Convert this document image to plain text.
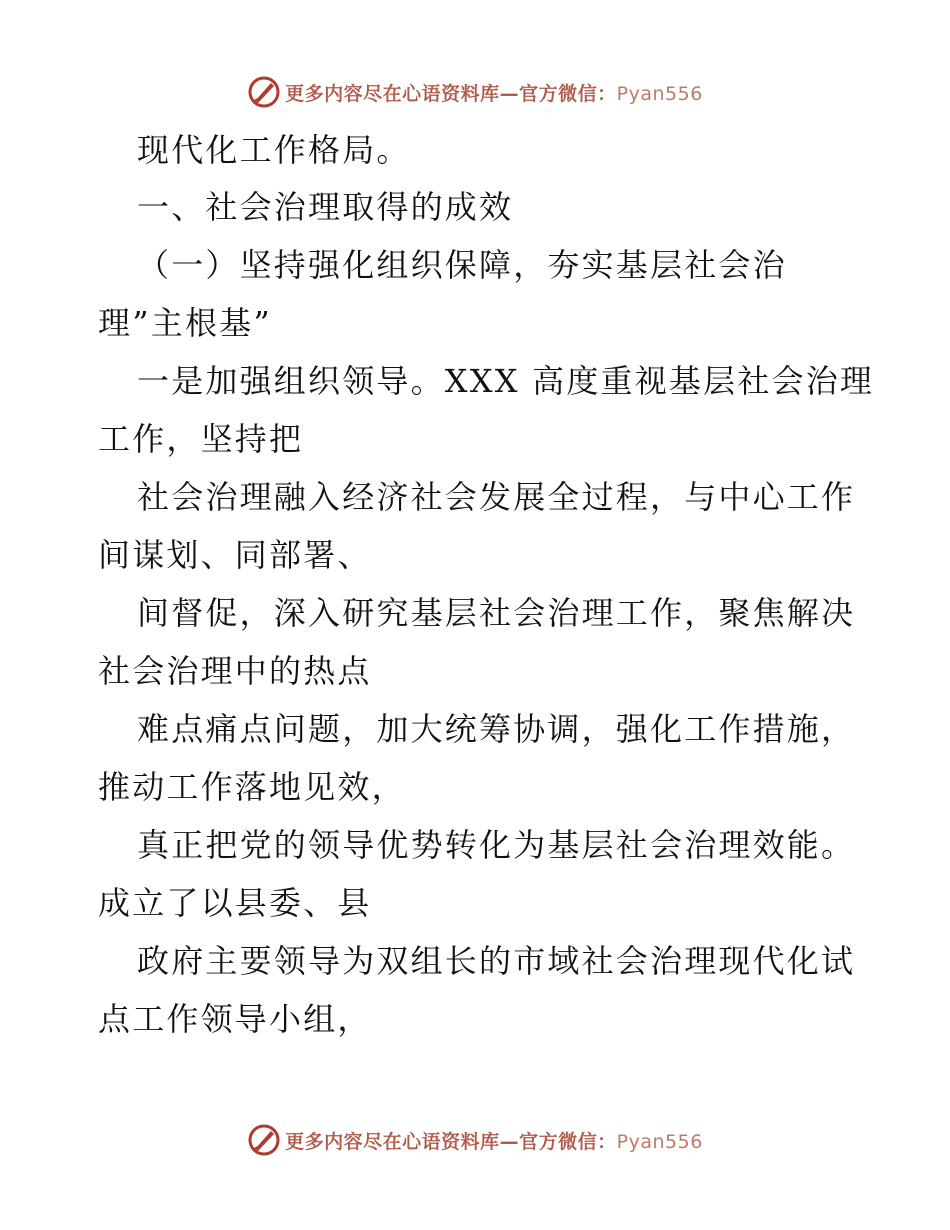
更多内容尽在心语资料库—官方微信：Pyan556
现代化工作格局。
一、社会治理取得的成效
（一）坚持强化组织保障，夯实基层社会治
理”主根基”
一是加强组织领导。XXX 高度重视基层社会治理
工作，坚持把
社会治理融入经济社会发展全过程，与中心工作
间谋划、同部署、
间督促，深入研究基层社会治理工作，聚焦解决
社会治理中的热点
难点痛点问题，加大统筹协调，强化工作措施，
推动工作落地见效，
真正把党的领导优势转化为基层社会治理效能。
成立了以县委、县
政府主要领导为双组长的市域社会治理现代化试
点工作领导小组，
更多内容尽在心语资料库—官方微信：Pyan556
